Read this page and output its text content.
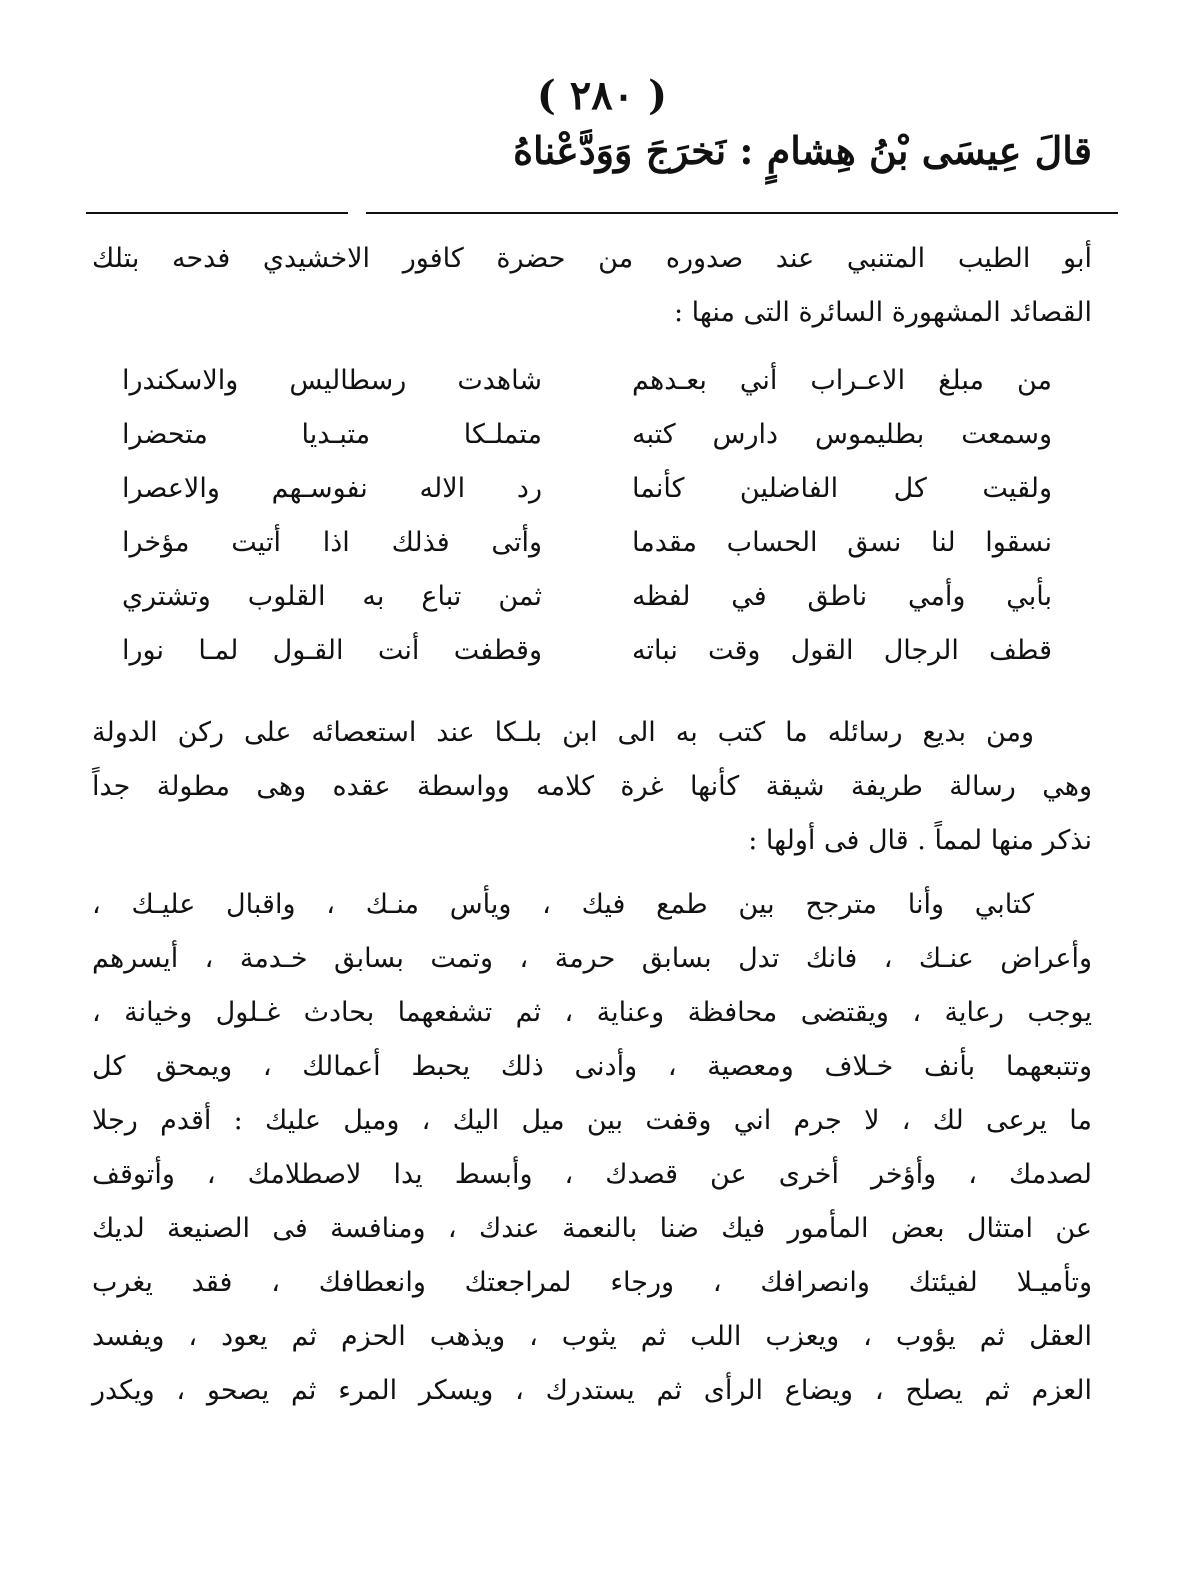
( ٢٨٠ )
قالَ عِيسَى بْنُ هِشامٍ : نَخرَجَ وَوَدَّعْناهُ
أبو الطيب المتنبي عند صدوره من حضرة كافور الاخشيدي فدحه بتلك
القصائد المشهورة السائرة التى منها :
من مبلغ الاعـراب أني بعـدهم
شاهدت رسطاليس والاسكندرا
وسمعت بطليموس دارس كتبه
متملـكا متبـديا متحضرا
ولقيت كل الفاضلين كأنما
رد الاله نفوسـهم والاعصرا
نسقوا لنا نسق الحساب مقدما
وأتى فذلك اذا أتيت مؤخرا
بأبي وأمي ناطق في لفظه
ثمن تباع به القلوب وتشتري
قطف الرجال القول وقت نباته
وقطفت أنت القـول لمـا نورا
ومن بديع رسائله ما كتب به الى ابن بلـكا عند استعصائه على ركن الدولة
وهي رسالة طريفة شيقة كأنها غرة كلامه وواسطة عقده وهى مطولة جداً
نذكر منها لمماً . قال فى أولها :
كتابي وأنا مترجح بين طمع فيك ، ويأس منـك ، واقبال عليـك ،
وأعراض عنـك ، فانك تدل بسابق حرمة ، وتمت بسابق خـدمة ، أيسرهم
يوجب رعاية ، ويقتضى محافظة وعناية ، ثم تشفعهما بحادث غـلول وخيانة ،
وتتبعهما بأنف خـلاف ومعصية ، وأدنى ذلك يحبط أعمالك ، ويمحق كل
ما يرعى لك ، لا جرم اني وقفت بين ميل اليك ، وميل عليك : أقدم رجلا
لصدمك ، وأؤخر أخرى عن قصدك ، وأبسط يدا لاصطلامك ، وأتوقف
عن امتثال بعض المأمور فيك ضنا بالنعمة عندك ، ومنافسة فى الصنيعة لديك
وتأميـلا لفيئتك وانصرافك ، ورجاء لمراجعتك وانعطافك ، فقد يغرب
العقل ثم يؤوب ، ويعزب اللب ثم يثوب ، ويذهب الحزم ثم يعود ، ويفسد
العزم ثم يصلح ، ويضاع الرأى ثم يستدرك ، ويسكر المرء ثم يصحو ، ويكدر
